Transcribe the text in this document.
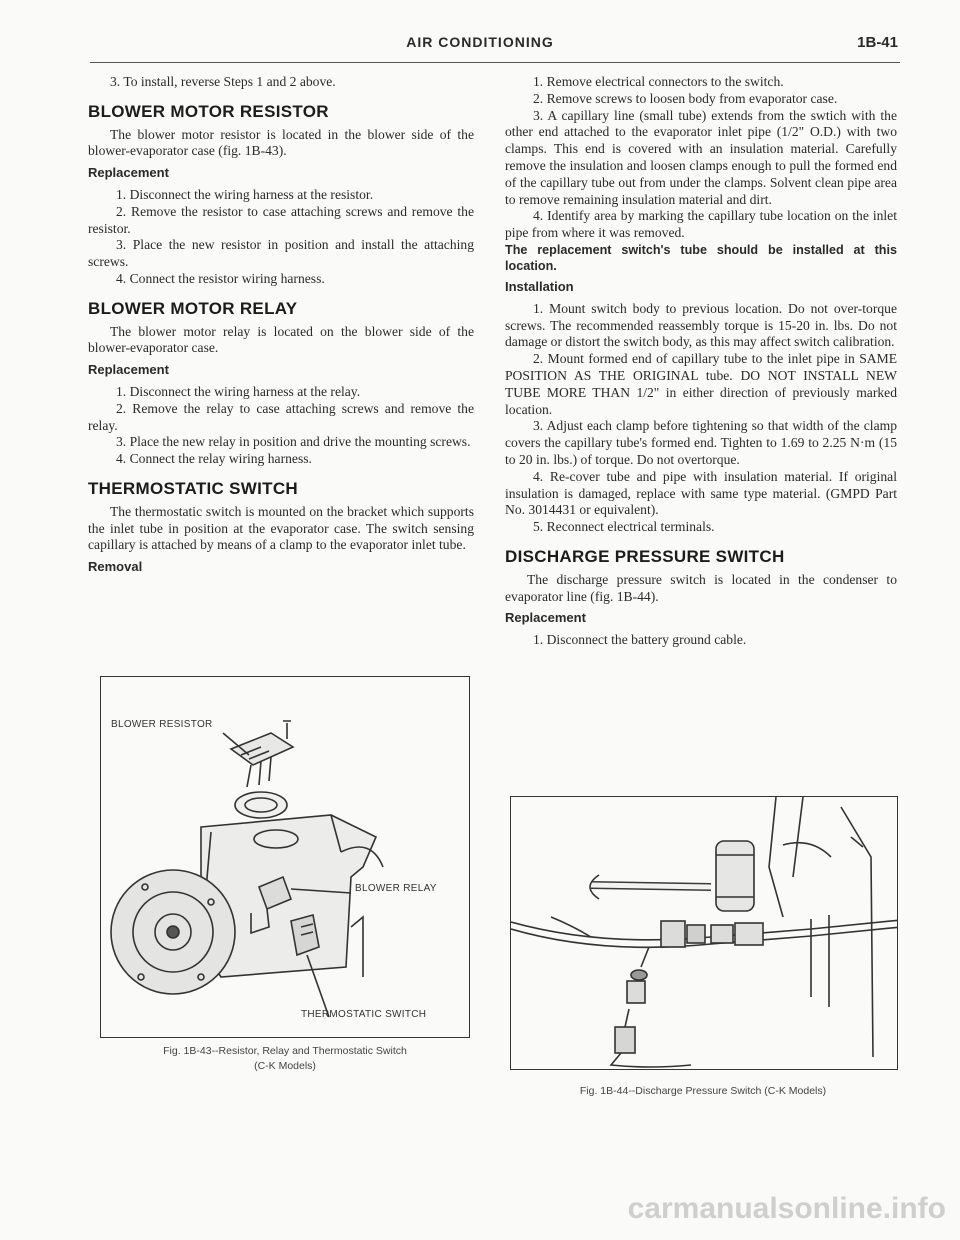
AIR CONDITIONING	1B-41

3. To install, reverse Steps 1 and 2 above.

BLOWER MOTOR RESISTOR

The blower motor resistor is located in the blower side of the blower-evaporator case (fig. 1B-43).

Replacement

1. Disconnect the wiring harness at the resistor.

2. Remove the resistor to case attaching screws and remove the resistor.

3. Place the new resistor in position and install the attaching screws.

4. Connect the resistor wiring harness.

BLOWER MOTOR RELAY

The blower motor relay is located on the blower side of the blower-evaporator case.

Replacement

1. Disconnect the wiring harness at the relay.

2. Remove the relay to case attaching screws and remove the relay.

3. Place the new relay in position and drive the mounting screws.

4. Connect the relay wiring harness.

THERMOSTATIC SWITCH

The thermostatic switch is mounted on the bracket which supports the inlet tube in position at the evaporator case. The switch sensing capillary is attached by means of a clamp to the evaporator inlet tube.

Removal

1. Remove electrical connectors to the switch.

2. Remove screws to loosen body from evaporator case.

3. A capillary line (small tube) extends from the swtich with the other end attached to the evaporator inlet pipe (1/2" O.D.) with two clamps. This end is covered with an insulation material. Carefully remove the insulation and loosen clamps enough to pull the formed end of the capillary tube out from under the clamps. Solvent clean pipe area to remove remaining insulation material and dirt.

4. Identify area by marking the capillary tube location on the inlet pipe from where it was removed.

The replacement switch's tube should be installed at this location.

Installation

1. Mount switch body to previous location. Do not over-torque screws. The recommended reassembly torque is 15-20 in. lbs. Do not damage or distort the switch body, as this may affect switch calibration.

2. Mount formed end of capillary tube to the inlet pipe in SAME POSITION AS THE ORIGINAL tube. DO NOT INSTALL NEW TUBE MORE THAN 1/2" in either direction of previously marked location.

3. Adjust each clamp before tightening so that width of the clamp covers the capillary tube's formed end. Tighten to 1.69 to 2.25 N·m (15 to 20 in. lbs.) of torque. Do not overtorque.

4. Re-cover tube and pipe with insulation material. If original insulation is damaged, replace with same type material. (GMPD Part No. 3014431 or equivalent).

5. Reconnect electrical terminals.

DISCHARGE PRESSURE SWITCH

The discharge pressure switch is located in the condenser to evaporator line (fig. 1B-44).

Replacement

1. Disconnect the battery ground cable.

BLOWER RESISTOR
BLOWER RELAY
THERMOSTATIC SWITCH
Fig. 1B-43--Resistor, Relay and Thermostatic Switch
(C-K Models)
Fig. 1B-44--Discharge Pressure Switch (C-K Models)
carmanualsonline.info
